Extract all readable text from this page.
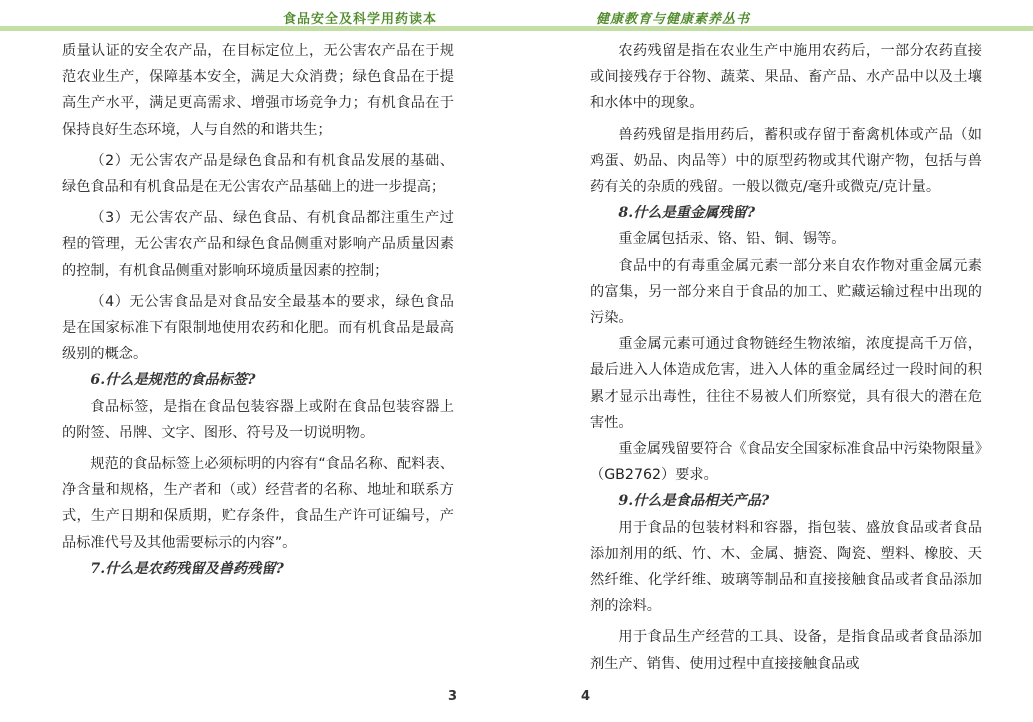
食品安全及科学用药读本	健康教育与健康素养丛书

质量认证的安全农产品，在目标定位上，无公害农产品在于规范农业生产，保障基本安全，满足大众消费；绿色食品在于提高生产水平，满足更高需求、增强市场竞争力；有机食品在于保持良好生态环境，人与自然的和谐共生；

（2）无公害农产品是绿色食品和有机食品发展的基础、绿色食品和有机食品是在无公害农产品基础上的进一步提高；

（3）无公害农产品、绿色食品、有机食品都注重生产过程的管理，无公害农产品和绿色食品侧重对影响产品质量因素的控制，有机食品侧重对影响环境质量因素的控制；

（4）无公害食品是对食品安全最基本的要求，绿色食品是在国家标准下有限制地使用农药和化肥。而有机食品是最高级别的概念。

6.什么是规范的食品标签?

食品标签，是指在食品包装容器上或附在食品包装容器上的附签、吊牌、文字、图形、符号及一切说明物。

规范的食品标签上必须标明的内容有“食品名称、配料表、净含量和规格，生产者和（或）经营者的名称、地址和联系方式，生产日期和保质期，贮存条件，食品生产许可证编号，产品标准代号及其他需要标示的内容”。

7.什么是农药残留及兽药残留?

农药残留是指在农业生产中施用农药后，一部分农药直接或间接残存于谷物、蔬菜、果品、畜产品、水产品中以及土壤和水体中的现象。

兽药残留是指用药后，蓄积或存留于畜禽机体或产品（如鸡蛋、奶品、肉品等）中的原型药物或其代谢产物，包括与兽药有关的杂质的残留。一般以微克/毫升或微克/克计量。

8.什么是重金属残留?

重金属包括汞、铬、铅、铜、锡等。

食品中的有毒重金属元素一部分来自农作物对重金属元素的富集，另一部分来自于食品的加工、贮藏运输过程中出现的污染。

重金属元素可通过食物链经生物浓缩，浓度提高千万倍，最后进入人体造成危害，进入人体的重金属经过一段时间的积累才显示出毒性，往往不易被人们所察觉，具有很大的潜在危害性。

重金属残留要符合《食品安全国家标准食品中污染物限量》（GB2762）要求。

9.什么是食品相关产品?

用于食品的包装材料和容器，指包装、盛放食品或者食品添加剂用的纸、竹、木、金属、搪瓷、陶瓷、塑料、橡胶、天然纤维、化学纤维、玻璃等制品和直接接触食品或者食品添加剂的涂料。

用于食品生产经营的工具、设备，是指食品或者食品添加剂生产、销售、使用过程中直接接触食品或

3	4
